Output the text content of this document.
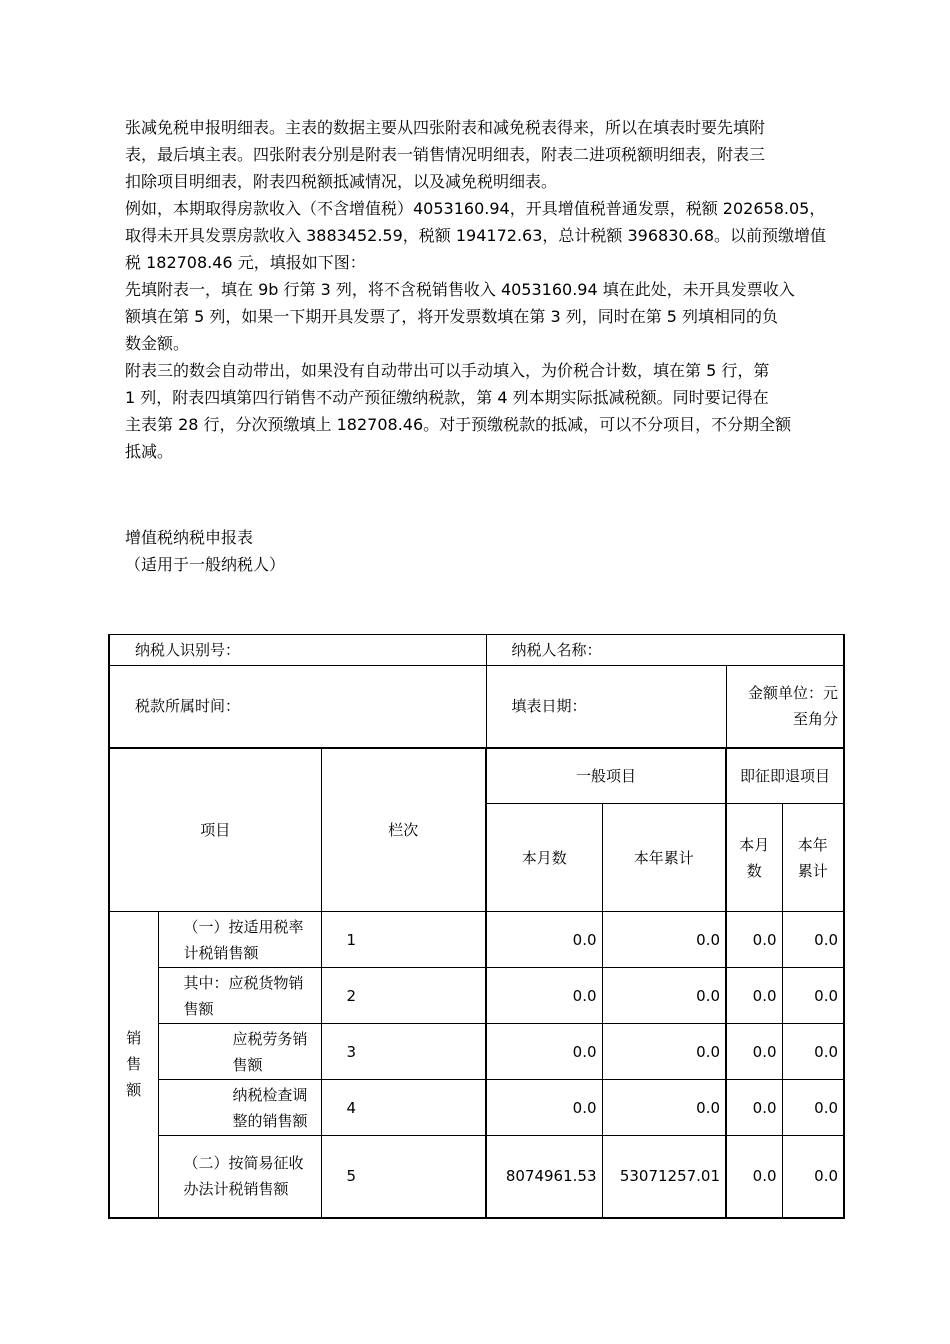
张减免税申报明细表。主表的数据主要从四张附表和减免税表得来，所以在填表时要先填附

表，最后填主表。四张附表分别是附表一销售情况明细表，附表二进项税额明细表，附表三

扣除项目明细表，附表四税额抵减情况，以及减免税明细表。

例如，本期取得房款收入（不含增值税）4053160.94，开具增值税普通发票，税额 202658.05，

取得未开具发票房款收入 3883452.59，税额 194172.63，总计税额 396830.68。以前预缴增值

税 182708.46 元，填报如下图：

先填附表一，填在 9b 行第 3 列，将不含税销售收入 4053160.94 填在此处，未开具发票收入

额填在第 5 列，如果一下期开具发票了，将开发票数填在第 3 列，同时在第 5 列填相同的负

数金额。

附表三的数会自动带出，如果没有自动带出可以手动填入，为价税合计数，填在第 5 行，第

1 列，附表四填第四行销售不动产预征缴纳税款，第 4 列本期实际抵减税额。同时要记得在

主表第 28 行，分次预缴填上 182708.46。对于预缴税款的抵减，可以不分项目，不分期全额

抵减。

增值税纳税申报表
（适用于一般纳税人）
纳税人识别号：			纳税人名称：			
税款所属时间：			填表日期：		金额单位：元至角分	
项目		栏次	一般项目		即征即退项目	
			本月数	本年累计	本月数	本年累计
销售额	（一）按适用税率计税销售额	1	0.0	0.0	0.0	0.0
	其中：应税货物销售额	2	0.0	0.0	0.0	0.0
	应税劳务销售额	3	0.0	0.0	0.0	0.0
	纳税检查调整的销售额	4	0.0	0.0	0.0	0.0
	（二）按简易征收办法计税销售额	5	8074961.53	53071257.01	0.0	0.0
